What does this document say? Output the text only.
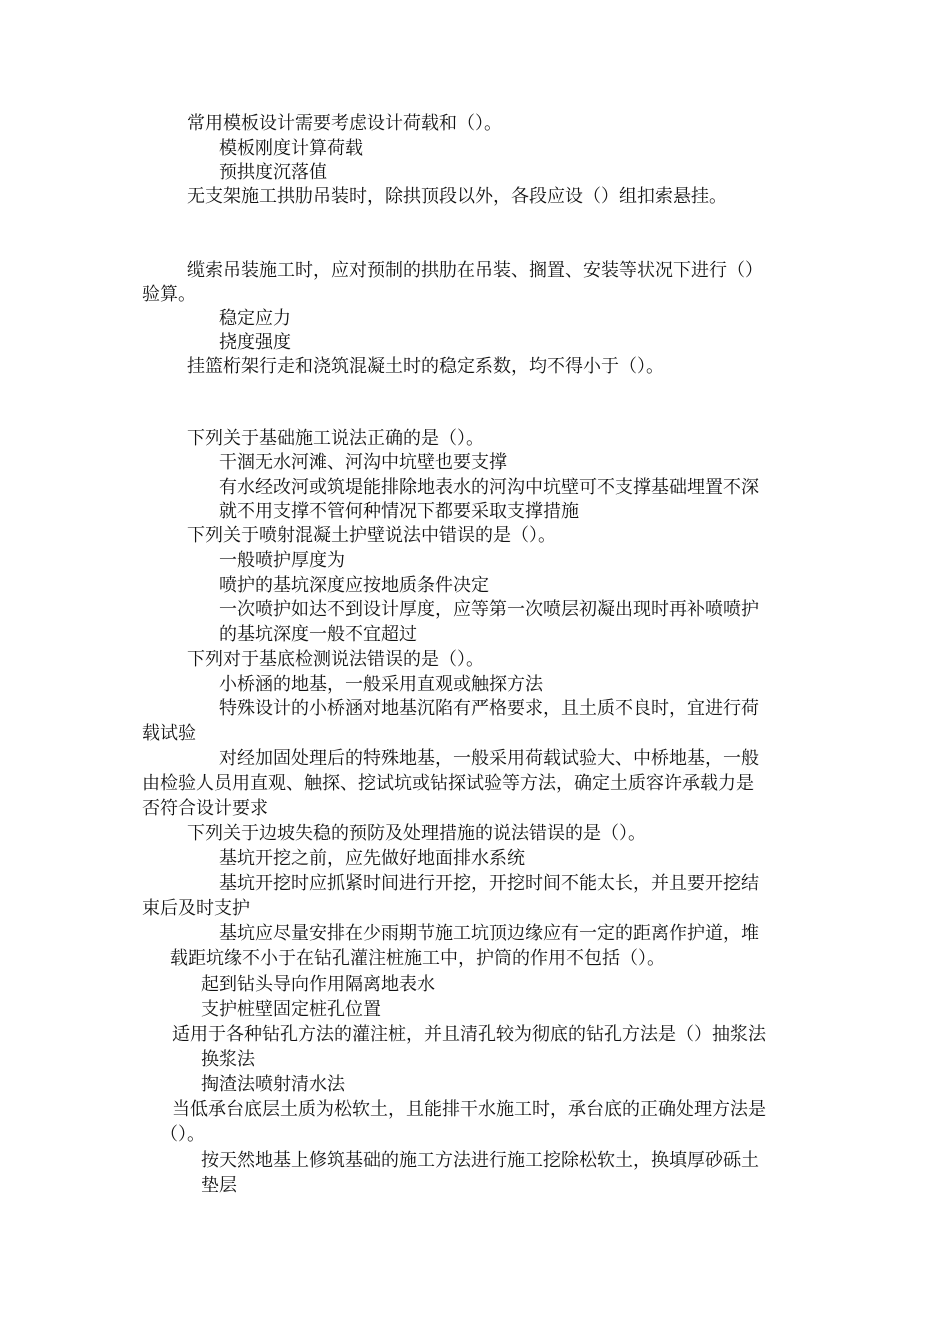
常用模板设计需要考虑设计荷载和（）。
模板刚度计算荷载
预拱度沉落值
无支架施工拱肋吊装时，除拱顶段以外，各段应设（）组扣索悬挂。
缆索吊装施工时，应对预制的拱肋在吊装、搁置、安装等状况下进行（）
验算。
稳定应力
挠度强度
挂篮桁架行走和浇筑混凝土时的稳定系数，均不得小于（）。
下列关于基础施工说法正确的是（）。
干涸无水河滩、河沟中坑壁也要支撑
有水经改河或筑堤能排除地表水的河沟中坑壁可不支撑基础埋置不深
就不用支撑不管何种情况下都要采取支撑措施
下列关于喷射混凝土护壁说法中错误的是（）。
一般喷护厚度为
喷护的基坑深度应按地质条件决定
一次喷护如达不到设计厚度，应等第一次喷层初凝出现时再补喷喷护
的基坑深度一般不宜超过
下列对于基底检测说法错误的是（）。
小桥涵的地基，一般采用直观或触探方法
特殊设计的小桥涵对地基沉陷有严格要求，且土质不良时，宜进行荷
载试验
对经加固处理后的特殊地基，一般采用荷载试验大、中桥地基，一般
由检验人员用直观、触探、挖试坑或钻探试验等方法，确定土质容许承载力是
否符合设计要求
下列关于边坡失稳的预防及处理措施的说法错误的是（）。
基坑开挖之前，应先做好地面排水系统
基坑开挖时应抓紧时间进行开挖，开挖时间不能太长，并且要开挖结
束后及时支护
基坑应尽量安排在少雨期节施工坑顶边缘应有一定的距离作护道，堆
载距坑缘不小于在钻孔灌注桩施工中，护筒的作用不包括（）。
起到钻头导向作用隔离地表水
支护桩壁固定桩孔位置
适用于各种钻孔方法的灌注桩，并且清孔较为彻底的钻孔方法是（）抽浆法
换浆法
掏渣法喷射清水法
当低承台底层土质为松软土，且能排干水施工时，承台底的正确处理方法是
（）。
按天然地基上修筑基础的施工方法进行施工挖除松软土，换填厚砂砾土
垫层
